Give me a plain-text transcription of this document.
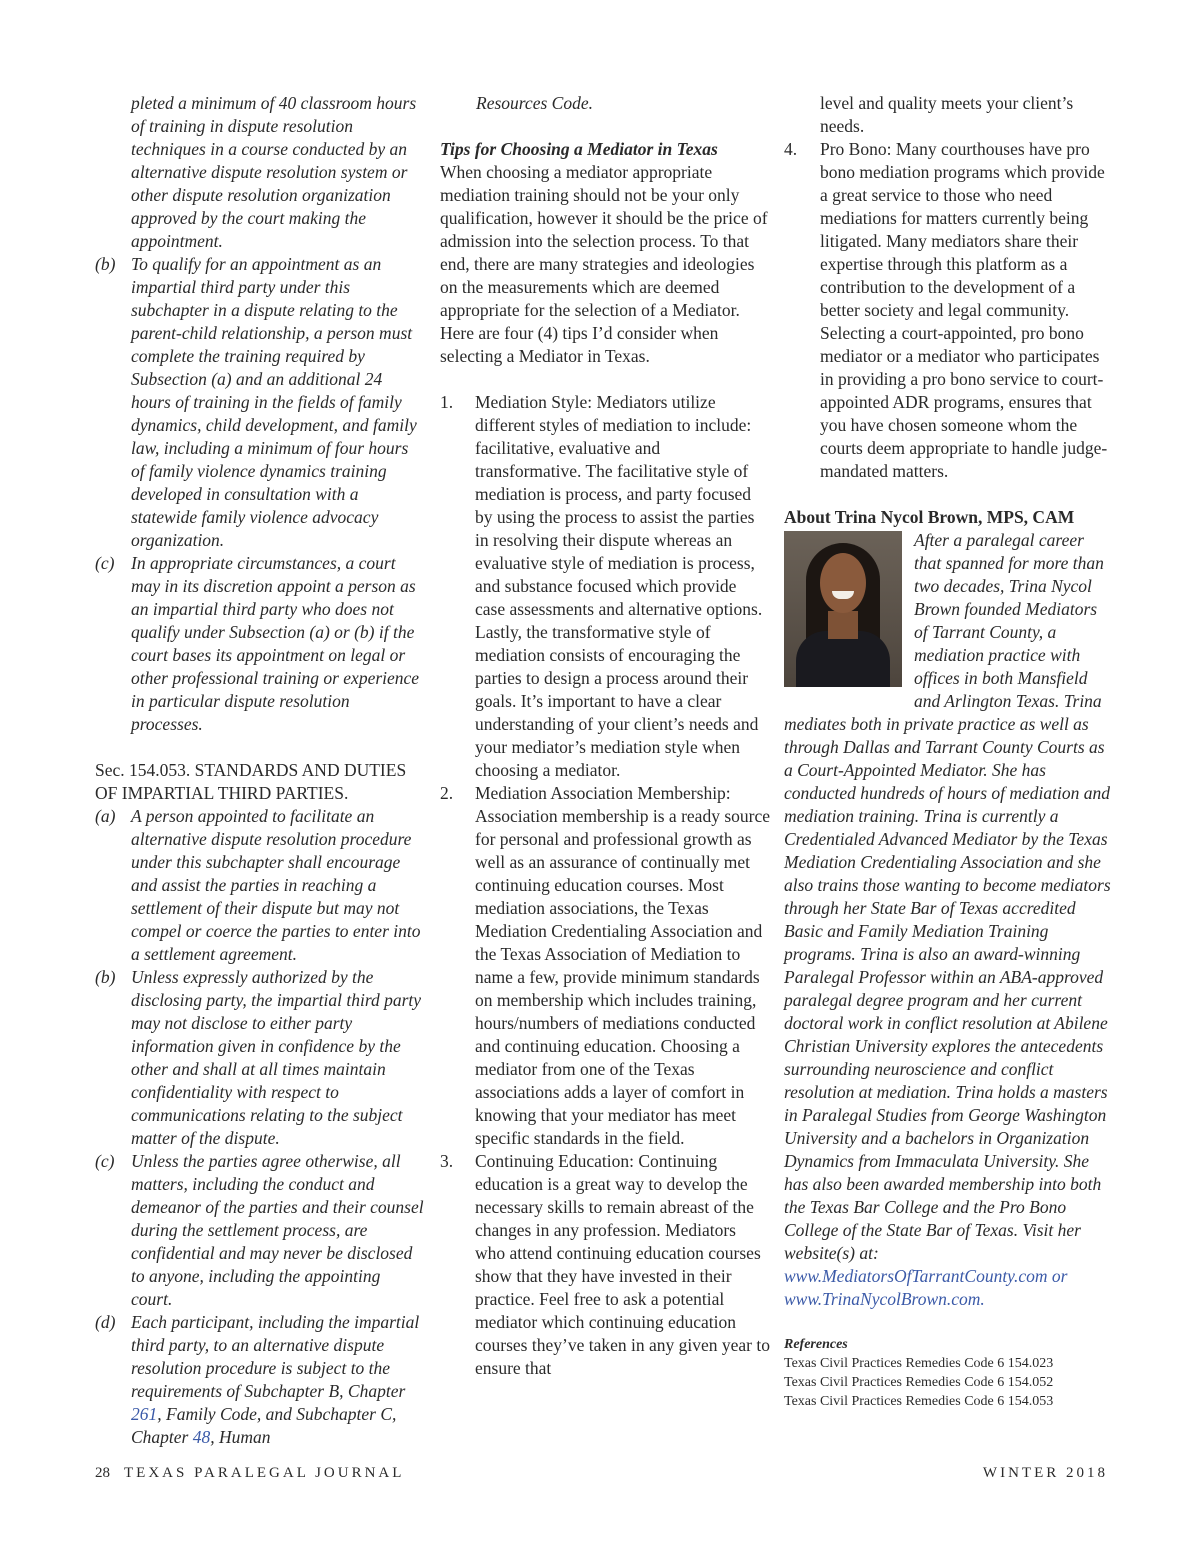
pleted a minimum of 40 classroom hours of training in dispute resolution techniques in a course conducted by an alternative dispute resolution system or other dispute resolution organization approved by the court making the appointment.

(b) To qualify for an appointment as an impartial third party under this subchapter in a dispute relating to the parent-child relationship, a person must complete the training required by Subsection (a) and an additional 24 hours of training in the fields of family dynamics, child development, and family law, including a minimum of four hours of family violence dynamics training developed in consultation with a statewide family violence advocacy organization.

(c) In appropriate circumstances, a court may in its discretion appoint a person as an impartial third party who does not qualify under Subsection (a) or (b) if the court bases its appointment on legal or other professional training or experience in particular dispute resolution processes.

Sec. 154.053. STANDARDS AND DUTIES OF IMPARTIAL THIRD PARTIES.

(a) A person appointed to facilitate an alternative dispute resolution procedure under this subchapter shall encourage and assist the parties in reaching a settlement of their dispute but may not compel or coerce the parties to enter into a settlement agreement.

(b) Unless expressly authorized by the disclosing party, the impartial third party may not disclose to either party information given in confidence by the other and shall at all times maintain confidentiality with respect to communications relating to the subject matter of the dispute.

(c) Unless the parties agree otherwise, all matters, including the conduct and demeanor of the parties and their counsel during the settlement process, are confidential and may never be disclosed to anyone, including the appointing court.

(d) Each participant, including the impartial third party, to an alternative dispute resolution procedure is subject to the requirements of Subchapter B, Chapter 261, Family Code, and Subchapter C, Chapter 48, Human

Resources Code.

Tips for Choosing a Mediator in Texas

When choosing a mediator appropriate mediation training should not be your only qualification, however it should be the price of admission into the selection process. To that end, there are many strategies and ideologies on the measurements which are deemed appropriate for the selection of a Mediator. Here are four (4) tips I’d consider when selecting a Mediator in Texas.

1. Mediation Style: Mediators utilize different styles of mediation to include: facilitative, evaluative and transformative. The facilitative style of mediation is process, and party focused by using the process to assist the parties in resolving their dispute whereas an evaluative style of mediation is process, and substance focused which provide case assessments and alternative options. Lastly, the transformative style of mediation consists of encouraging the parties to design a process around their goals. It’s important to have a clear understanding of your client’s needs and your mediator’s mediation style when choosing a mediator.

2. Mediation Association Membership: Association membership is a ready source for personal and professional growth as well as an assurance of continually met continuing education courses. Most mediation associations, the Texas Mediation Credentialing Association and the Texas Association of Mediation to name a few, provide minimum standards on membership which includes training, hours/numbers of mediations conducted and continuing education. Choosing a mediator from one of the Texas associations adds a layer of comfort in knowing that your mediator has meet specific standards in the field.

3. Continuing Education: Continuing education is a great way to develop the necessary skills to remain abreast of the changes in any profession. Mediators who attend continuing education courses show that they have invested in their practice. Feel free to ask a potential mediator which continuing education courses they’ve taken in any given year to ensure that

level and quality meets your client’s needs.

4. Pro Bono: Many courthouses have pro bono mediation programs which provide a great service to those who need mediations for matters currently being litigated. Many mediators share their expertise through this platform as a contribution to the development of a better society and legal community. Selecting a court-appointed, pro bono mediator or a mediator who participates in providing a pro bono service to court-appointed ADR programs, ensures that you have chosen someone whom the courts deem appropriate to handle judge-mandated matters.

About Trina Nycol Brown, MPS, CAM

After a paralegal career that spanned for more than two decades, Trina Nycol Brown founded Mediators of Tarrant County, a mediation practice with offices in both Mansfield and Arlington Texas. Trina mediates both in private practice as well as through Dallas and Tarrant County Courts as a Court-Appointed Mediator. She has conducted hundreds of hours of mediation and mediation training. Trina is currently a Credentialed Advanced Mediator by the Texas Mediation Credentialing Association and she also trains those wanting to become mediators through her State Bar of Texas accredited Basic and Family Mediation Training programs. Trina is also an award-winning Paralegal Professor within an ABA-approved paralegal degree program and her current doctoral work in conflict resolution at Abilene Christian University explores the antecedents surrounding neuroscience and conflict resolution at mediation. Trina holds a masters in Paralegal Studies from George Washington University and a bachelors in Organization Dynamics from Immaculata University. She has also been awarded membership into both the Texas Bar College and the Pro Bono College of the State Bar of Texas. Visit her website(s) at: www.MediatorsOfTarrantCounty.com or www.TrinaNycolBrown.com.

References
Texas Civil Practices Remedies Code 6 154.023
Texas Civil Practices Remedies Code 6 154.052
Texas Civil Practices Remedies Code 6 154.053
28 TEXAS PARALEGAL JOURNAL	WINTER 2018
